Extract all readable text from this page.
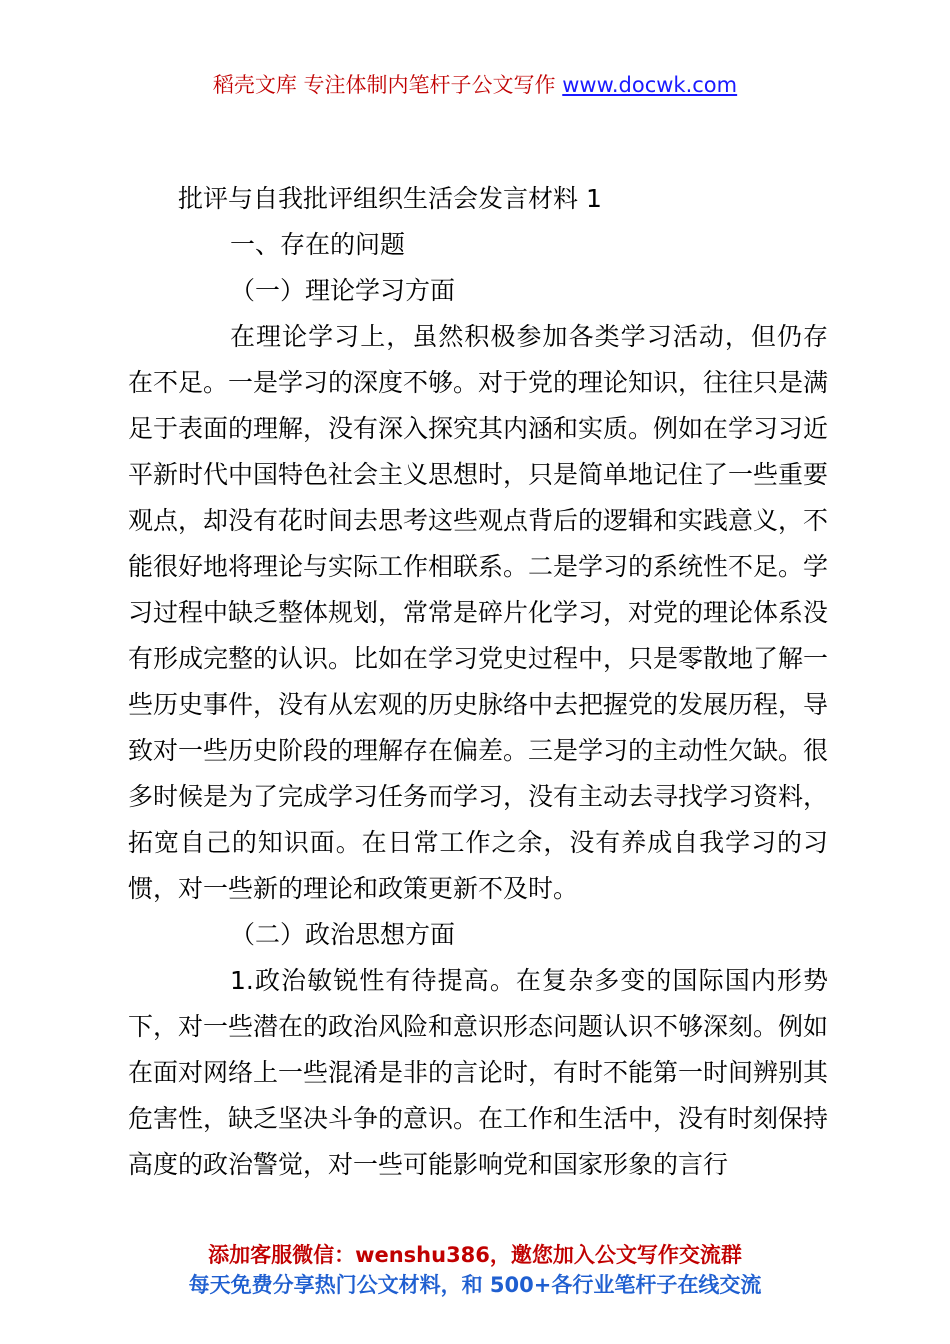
稻壳文库 专注体制内笔杆子公文写作 www.docwk.com

批评与自我批评组织生活会发言材料 1

一、存在的问题

（一）理论学习方面

在理论学习上，虽然积极参加各类学习活动，但仍存在不足。一是学习的深度不够。对于党的理论知识，往往只是满足于表面的理解，没有深入探究其内涵和实质。例如在学习习近平新时代中国特色社会主义思想时，只是简单地记住了一些重要观点，却没有花时间去思考这些观点背后的逻辑和实践意义，不能很好地将理论与实际工作相联系。二是学习的系统性不足。学习过程中缺乏整体规划，常常是碎片化学习，对党的理论体系没有形成完整的认识。比如在学习党史过程中，只是零散地了解一些历史事件，没有从宏观的历史脉络中去把握党的发展历程，导致对一些历史阶段的理解存在偏差。三是学习的主动性欠缺。很多时候是为了完成学习任务而学习，没有主动去寻找学习资料，拓宽自己的知识面。在日常工作之余，没有养成自我学习的习惯，对一些新的理论和政策更新不及时。

（二）政治思想方面

1.政治敏锐性有待提高。在复杂多变的国际国内形势下，对一些潜在的政治风险和意识形态问题认识不够深刻。例如在面对网络上一些混淆是非的言论时，有时不能第一时间辨别其危害性，缺乏坚决斗争的意识。在工作和生活中，没有时刻保持高度的政治警觉，对一些可能影响党和国家形象的言行

添加客服微信：wenshu386，邀您加入公文写作交流群
每天免费分享热门公文材料，和 500+各行业笔杆子在线交流
